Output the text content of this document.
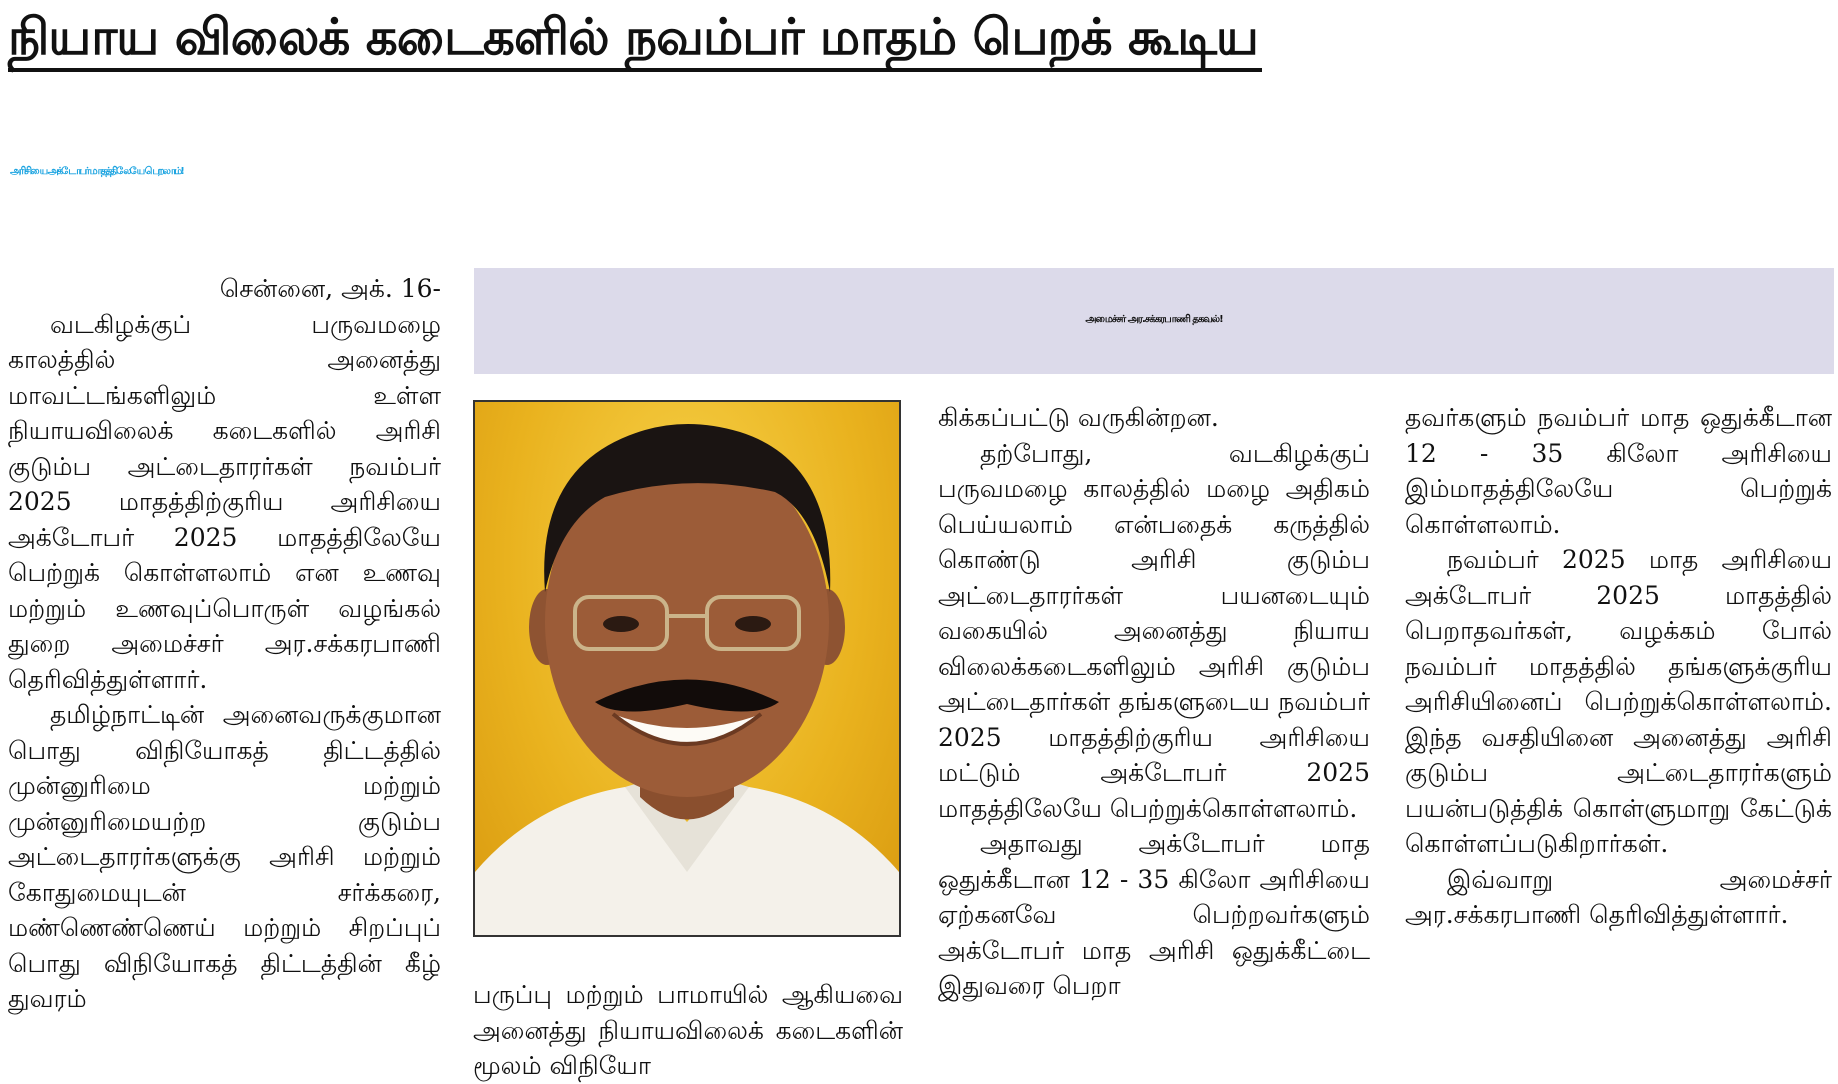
நியாய விலைக் கடைகளில் நவம்பர் மாதம் பெறக் கூடிய
அரிசியை அக்டோபர் மாதத்திலேயே பெறலாம்!
அமைச்சர் அர.சக்கரபாணி தகவல்!
சென்னை, அக். 16-

வடகிழக்குப் பருவமழை காலத்தில் அனைத்து மாவட்டங்களிலும் உள்ள நியாயவிலைக் கடைகளில் அரிசி குடும்ப அட்டைதாரர்கள் நவம்பர் 2025 மாதத்திற்குரிய அரிசியை அக்டோபர் 2025 மாதத்திலேயே பெற்றுக் கொள்ளலாம் என உணவு மற்றும் உணவுப்பொருள் வழங்கல் துறை அமைச்சர் அர.சக்கரபாணி தெரிவித்துள்ளார்.

தமிழ்நாட்டின் அனைவருக்குமான பொது விநியோகத் திட்டத்தில் முன்னுரிமை மற்றும் முன்னுரிமையற்ற குடும்ப அட்டைதாரர்களுக்கு அரிசி மற்றும் கோதுமையுடன் சர்க்கரை, மண்ணெண்ணெய் மற்றும் சிறப்புப் பொது விநியோகத் திட்டத்தின் கீழ் துவரம்	பருப்பு மற்றும் பாமாயில் ஆகியவை அனைத்து நியாயவிலைக் கடைகளின் மூலம் விநியோ

கிக்கப்பட்டு வருகின்றன.

தற்போது, வடகிழக்குப் பருவமழை காலத்தில் மழை அதிகம் பெய்யலாம் என்பதைக் கருத்தில் கொண்டு அரிசி குடும்ப அட்டைதாரர்கள் பயனடையும் வகையில் அனைத்து நியாய விலைக்கடைகளிலும் அரிசி குடும்ப அட்டைதார்கள் தங்களுடைய நவம்பர் 2025 மாதத்திற்குரிய அரிசியை மட்டும் அக்டோபர் 2025 மாதத்திலேயே பெற்றுக்கொள்ளலாம்.

அதாவது அக்டோபர் மாத ஒதுக்கீடான 12 - 35 கிலோ அரிசியை ஏற்கனவே பெற்றவர்களும் அக்டோபர் மாத அரிசி ஒதுக்கீட்டை இதுவரை பெறா

தவர்களும் நவம்பர் மாத ஒதுக்கீடான 12 - 35 கிலோ அரிசியை இம்மாதத்திலேயே பெற்றுக் கொள்ளலாம்.

நவம்பர் 2025 மாத அரிசியை அக்டோபர் 2025 மாதத்தில் பெறாதவர்கள், வழக்கம் போல் நவம்பர் மாதத்தில் தங்களுக்குரிய அரிசியினைப் பெற்றுக்கொள்ளலாம். இந்த வசதியினை அனைத்து அரிசி குடும்ப அட்டைதாரர்களும் பயன்படுத்திக் கொள்ளுமாறு கேட்டுக் கொள்ளப்படுகிறார்கள்.

இவ்வாறு அமைச்சர் அர.சக்கரபாணி தெரிவித்துள்ளார்.
